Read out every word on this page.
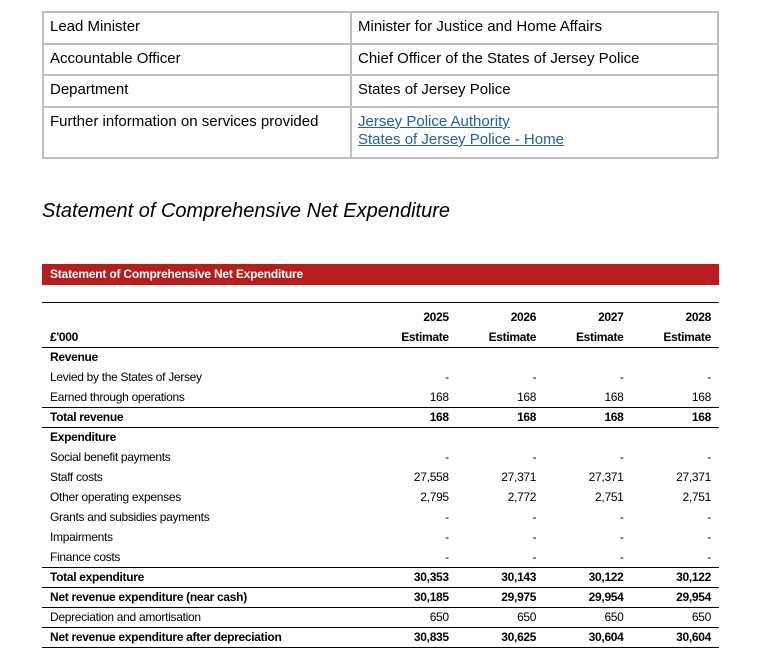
Lead Minister	Minister for Justice and Home Affairs
Accountable Officer	Chief Officer of the States of Jersey Police
Department	States of Jersey Police
Further information on services provided	Jersey Police Authority
States of Jersey Police - Home
Statement of Comprehensive Net Expenditure
Statement of Comprehensive Net Expenditure
	2025	2026	2027	2028
£'000	Estimate	Estimate	Estimate	Estimate
Revenue				
Levied by the States of Jersey	-	-	-	-
Earned through operations	168	168	168	168
Total revenue	168	168	168	168
Expenditure				
Social benefit payments	-	-	-	-
Staff costs	27,558	27,371	27,371	27,371
Other operating expenses	2,795	2,772	2,751	2,751
Grants and subsidies payments	-	-	-	-
Impairments	-	-	-	-
Finance costs	-	-	-	-
Total expenditure	30,353	30,143	30,122	30,122
Net revenue expenditure (near cash)	30,185	29,975	29,954	29,954
Depreciation and amortisation	650	650	650	650
Net revenue expenditure after depreciation	30,835	30,625	30,604	30,604
